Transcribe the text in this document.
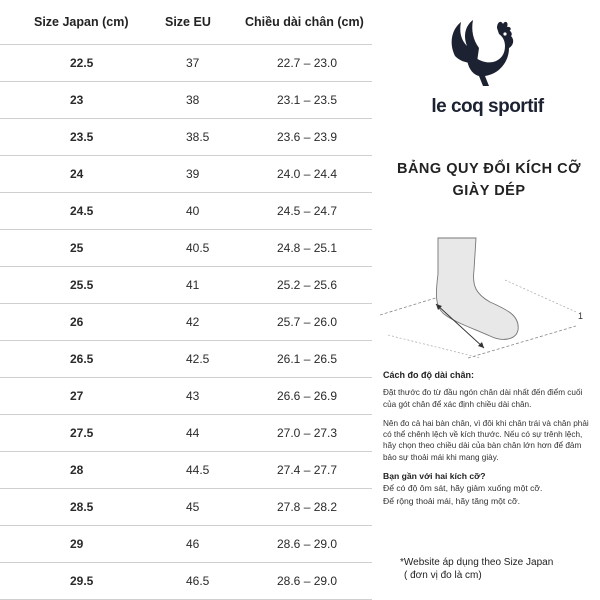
Size Japan (cm)	Size EU	Chiều dài chân (cm)
22.5	37	22.7 – 23.0
23	38	23.1 – 23.5
23.5	38.5	23.6 – 23.9
24	39	24.0 – 24.4
24.5	40	24.5 – 24.7
25	40.5	24.8 – 25.1
25.5	41	25.2 – 25.6
26	42	25.7 – 26.0
26.5	42.5	26.1 – 26.5
27	43	26.6 – 26.9
27.5	44	27.0 – 27.3
28	44.5	27.4 – 27.7
28.5	45	27.8 – 28.2
29	46	28.6 – 29.0
29.5	46.5	28.6 – 29.0
le coq sportif
BẢNG QUY ĐỔI KÍCH CỠ
GIÀY DÉP
1
Cách đo độ dài chân:

Đặt thước đo từ đầu ngón chân dài nhất đến điểm cuối của gót chân để xác định chiều dài chân.

Nên đo cả hai bàn chân, vì đôi khi chân trái và chân phải có thể chênh lệch về kích thước. Nếu có sự trênh lệch, hãy chọn theo chiều dài của bàn chân lớn hơn để đảm bảo sự thoải mái khi mang giày.

Bạn gần với hai kích cỡ?
Để có độ ôm sát, hãy giảm xuống một cỡ.
Để rộng thoải mái, hãy tăng một cỡ.
*Website áp dụng theo Size Japan
( đơn vị đo là cm)
